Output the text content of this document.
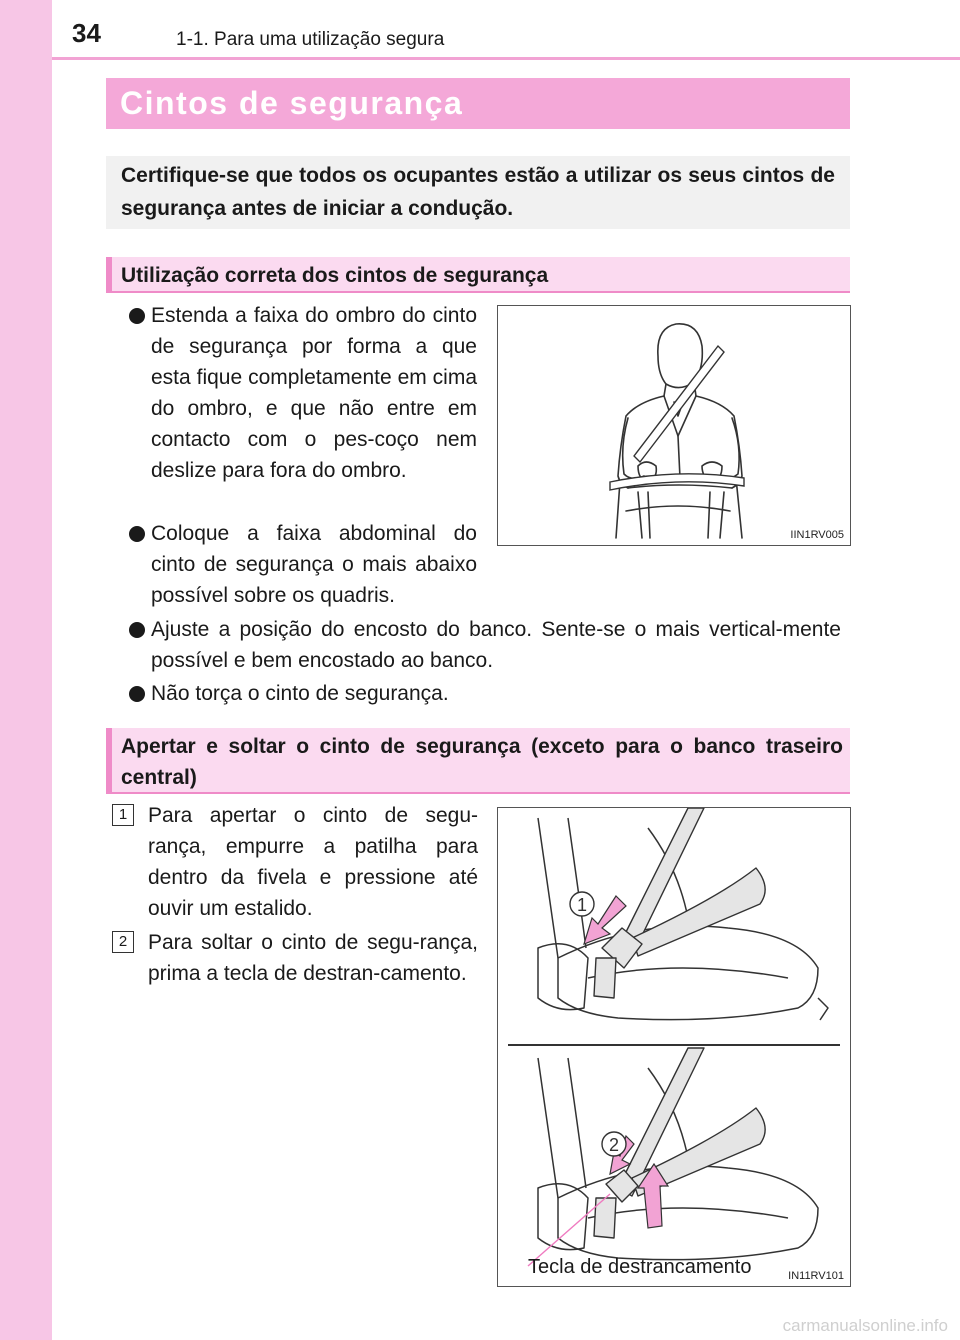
34	1-1. Para uma utilização segura
Cintos de segurança
Certifique-se que todos os ocupantes estão a utilizar os seus cintos de segurança antes de iniciar a condução.
Utilização correta dos cintos de segurança
Estenda a faixa do ombro do cinto de segurança por forma a que esta fique completamente em cima do ombro, e que não entre em contacto com o pes-coço nem deslize para fora do ombro.
Coloque a faixa abdominal do cinto de segurança o mais abaixo possível sobre os quadris.
Ajuste a posição do encosto do banco. Sente-se o mais vertical-mente possível e bem encostado ao banco.
Não torça o cinto de segurança.
IIN1RV005
Apertar e soltar o cinto de segurança (exceto para o banco traseiro central)
1 Para apertar o cinto de segu-rança, empurre a patilha para dentro da fivela e pressione até ouvir um estalido.
2 Para soltar o cinto de segu-rança, prima a tecla de destran-camento.
1
2
Tecla de destrancamento	IN11RV101
carmanualsonline.info
